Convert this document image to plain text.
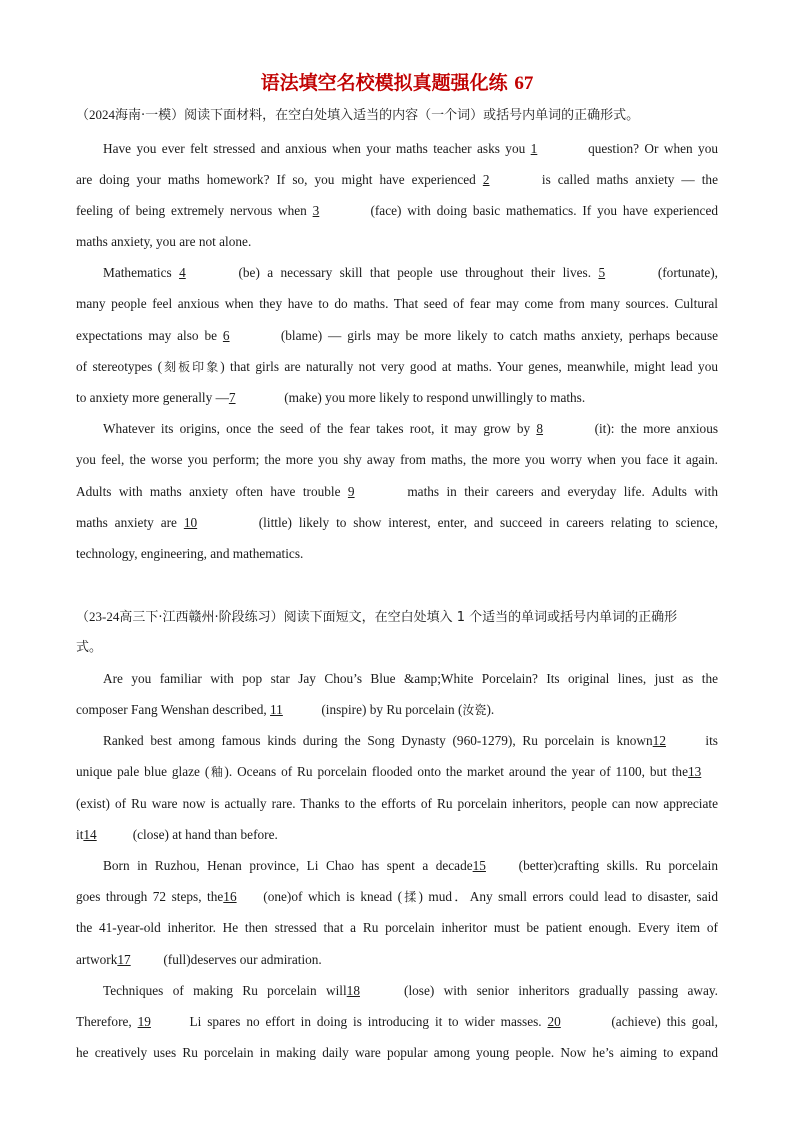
语法填空名校模拟真题强化练 67
（2024海南·一模）阅读下面材料，在空白处填入适当的内容（一个词）或括号内单词的正确形式。
Have you ever felt stressed and anxious when your maths teacher asks you 1	question? Or when you
are doing your maths homework? If so, you might have experienced 2	is called maths anxiety — the
feeling of being extremely nervous when 3	(face) with doing basic mathematics. If you have experienced
maths anxiety, you are not alone.
Mathematics 4	(be) a necessary skill that people use throughout their lives. 5	(fortunate),
many people feel anxious when they have to do maths. That seed of fear may come from many sources. Cultural
expectations may also be 6	(blame) — girls may be more likely to catch maths anxiety, perhaps because
of stereotypes (刻板印象) that girls are naturally not very good at maths. Your genes, meanwhile, might lead you
to anxiety more generally —7	(make) you more likely to respond unwillingly to maths.
Whatever its origins, once the seed of the fear takes root, it may grow by 8	(it): the more anxious
you feel, the worse you perform; the more you shy away from maths, the more you worry when you face it again.
Adults with maths anxiety often have trouble 9	maths in their careers and everyday life. Adults with
maths anxiety are 10	(little) likely to show interest, enter, and succeed in careers relating to science,
technology, engineering, and mathematics.
（23-24高三下·江西赣州·阶段练习）阅读下面短文，在空白处填入 1 个适当的单词或括号内单词的正确形
式。
Are you familiar with pop star Jay Chou’s Blue &amp;White Porcelain? Its original lines, just as the
composer Fang Wenshan described, 11	(inspire) by Ru porcelain (汝瓷).
Ranked best among famous kinds during the Song Dynasty (960-1279), Ru porcelain is known12	its
unique pale blue glaze (釉). Oceans of Ru porcelain flooded onto the market around the year of 1100, but the13
(exist) of Ru ware now is actually rare. Thanks to the efforts of Ru porcelain inheritors, people can now appreciate
it14	(close) at hand than before.
Born in Ruzhou, Henan province, Li Chao has spent a decade15 (better)crafting skills. Ru porcelain
goes through 72 steps, the16 (one)of which is knead (揉) mud．Any small errors could lead to disaster, said
the 41-year-old inheritor. He then stressed that a Ru porcelain inheritor must be patient enough. Every item of
artwork17 (full)deserves our admiration.
Techniques of making Ru porcelain will18	(lose) with senior inheritors gradually passing away.
Therefore, 19	Li spares no effort in doing is introducing it to wider masses. 20	(achieve) this goal,
he creatively uses Ru porcelain in making daily ware popular among young people. Now he’s aiming to expand
